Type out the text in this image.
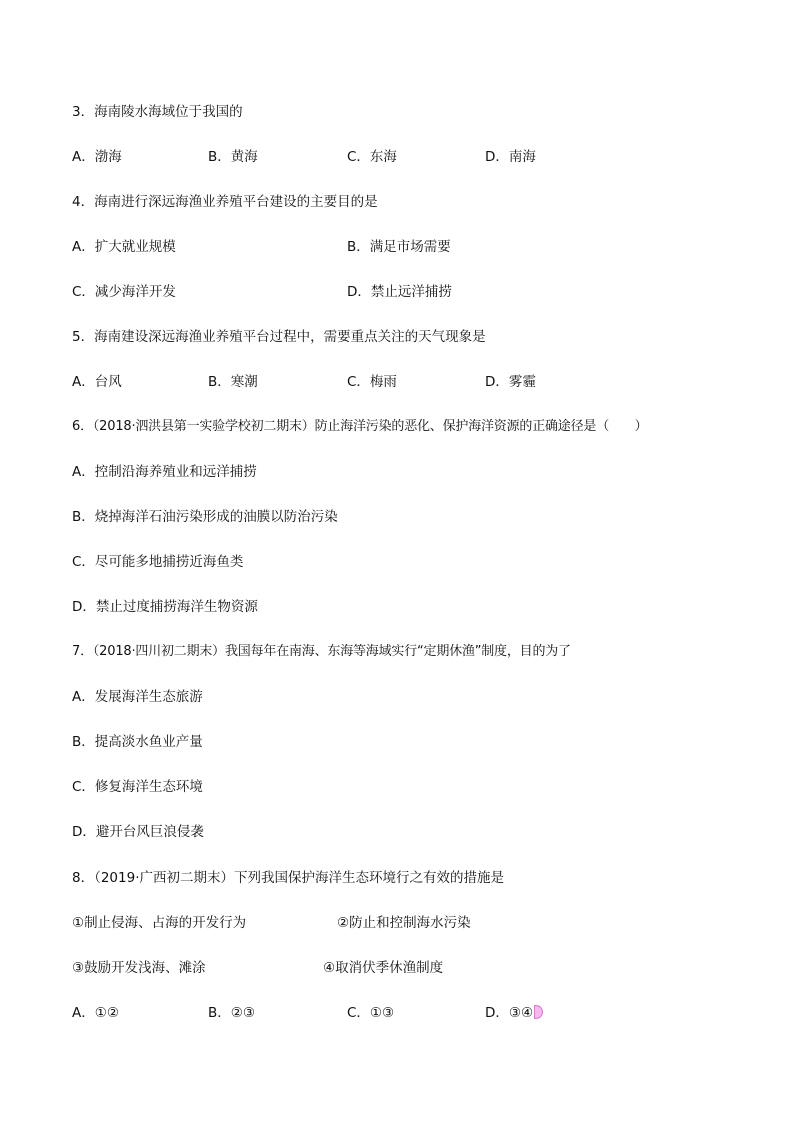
3．海南陵水海域位于我国的
A．渤海	B．黄海	C．东海	D．南海
4．海南进行深远海渔业养殖平台建设的主要目的是
A．扩大就业规模	B．满足市场需要
C．减少海洋开发	D．禁止远洋捕捞
5．海南建设深远海渔业养殖平台过程中，需要重点关注的天气现象是
A．台风	B．寒潮	C．梅雨	D．雾霾
6．（2018·泗洪县第一实验学校初二期末）防止海洋污染的恶化、保护海洋资源的正确途径是（　　）
A．控制沿海养殖业和远洋捕捞
B．烧掉海洋石油污染形成的油膜以防治污染
C．尽可能多地捕捞近海鱼类
D．禁止过度捕捞海洋生物资源
7．（2018·四川初二期末）我国每年在南海、东海等海域实行“定期休渔”制度，目的为了
A．发展海洋生态旅游
B．提高淡水鱼业产量
C．修复海洋生态环境
D．避开台风巨浪侵袭
8．（2019·广西初二期末）下列我国保护海洋生态环境行之有效的措施是
①制止侵海、占海的开发行为	②防止和控制海水污染
③鼓励开发浅海、滩涂	④取消伏季休渔制度
A．①②	B．②③	C．①③	D．③④
